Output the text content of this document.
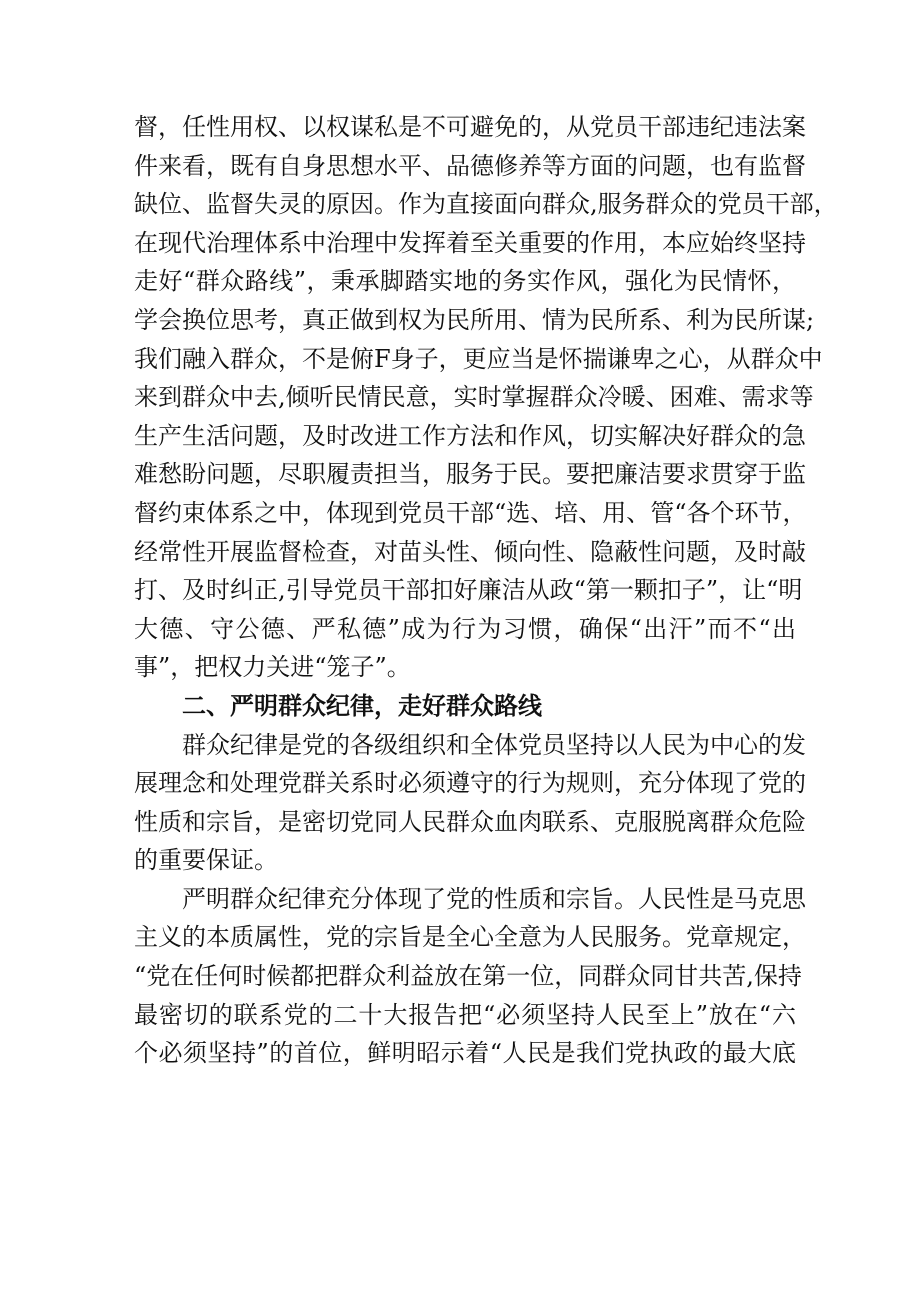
督，任性用权、以权谋私是不可避免的，从党员干部违纪违法案
件来看，既有自身思想水平、品德修养等方面的问题，也有监督
缺位、监督失灵的原因。作为直接面向群众,服务群众的党员干部，
在现代治理体系中治理中发挥着至关重要的作用，本应始终坚持
走好“群众路线”，秉承脚踏实地的务实作风，强化为民情怀，
学会换位思考，真正做到权为民所用、情为民所系、利为民所谋;
我们融入群众，不是俯F身子，更应当是怀揣谦卑之心，从群众中
来到群众中去,倾听民情民意，实时掌握群众冷暖、困难、需求等
生产生活问题，及时改进工作方法和作风，切实解决好群众的急
难愁盼问题，尽职履责担当，服务于民。要把廉洁要求贯穿于监
督约束体系之中，体现到党员干部“选、培、用、管“各个环节，
经常性开展监督检查，对苗头性、倾向性、隐蔽性问题，及时敲
打、及时纠正,引导党员干部扣好廉洁从政“第一颗扣子”，让“明
大德、守公德、严私德”成为行为习惯，确保“出汗”而不“出
事”，把权力关进“笼子”。
二、严明群众纪律，走好群众路线
群众纪律是党的各级组织和全体党员坚持以人民为中心的发
展理念和处理党群关系时必须遵守的行为规则，充分体现了党的
性质和宗旨，是密切党同人民群众血肉联系、克服脱离群众危险
的重要保证。
严明群众纪律充分体现了党的性质和宗旨。人民性是马克思
主义的本质属性，党的宗旨是全心全意为人民服务。党章规定，
“党在任何时候都把群众利益放在第一位，同群众同甘共苦,保持
最密切的联系党的二十大报告把“必须坚持人民至上”放在“六
个必须坚持”的首位，鲜明昭示着“人民是我们党执政的最大底
